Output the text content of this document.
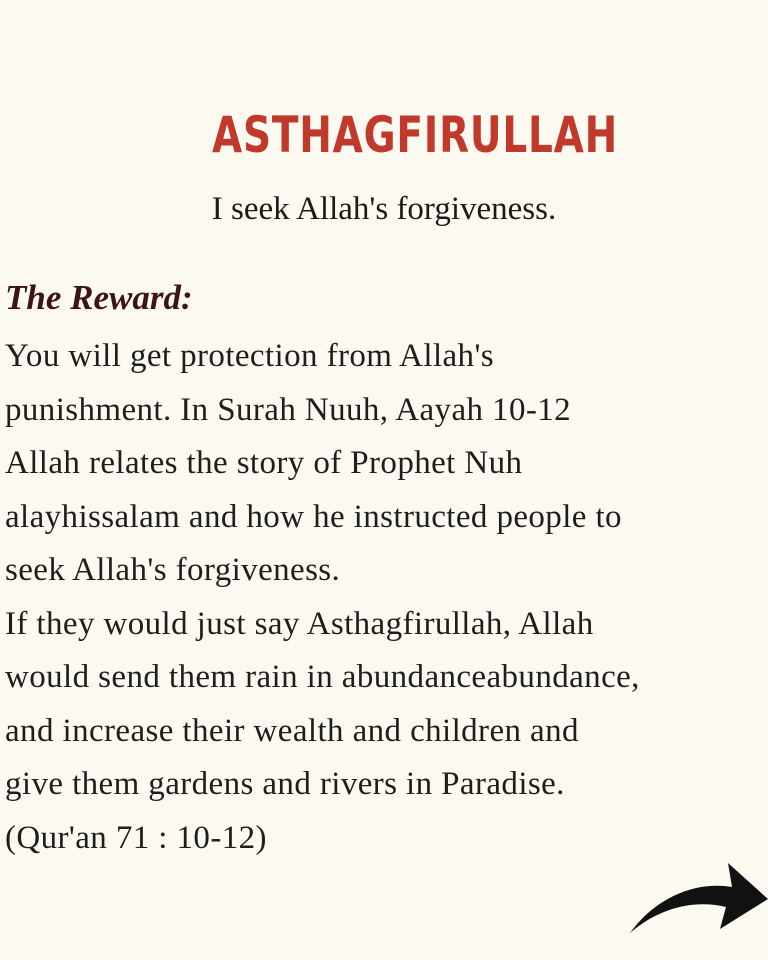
ASTHAGFIRULLAH

I seek Allah's forgiveness.

The Reward:
You will get protection from Allah's
punishment. In Surah Nuuh, Aayah 10-12
Allah relates the story of Prophet Nuh
alayhissalam and how he instructed people to
seek Allah's forgiveness.
If they would just say Asthagfirullah, Allah
would send them rain in abundanceabundance,
and increase their wealth and children and
give them gardens and rivers in Paradise.
(Qur'an 71 : 10-12)
